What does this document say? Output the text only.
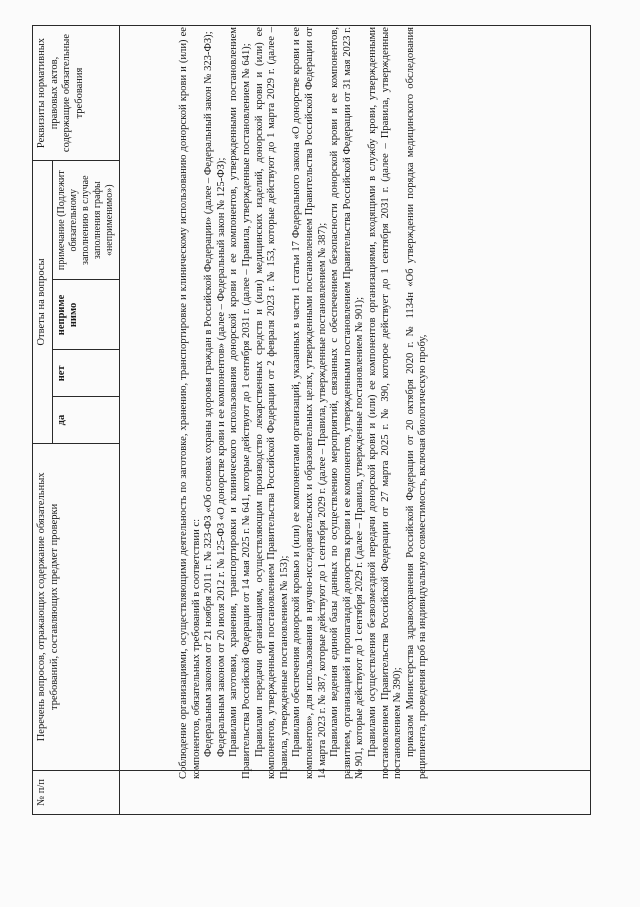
№ п/п	Перечень вопросов, отражающих содержание обязательных требований, составляющих предмет проверки	Ответы на вопросы				Реквизиты нормативных правовых актов, содержащие обязательные требования

		да	нет	неприме нимо	примечание (Подлежит обязательному заполнению в случае заполнения графы «неприменимо»)	

		Соблюдение организациями, осуществляющими деятельность по заготовке, хранению, транспортировке и клиническому использованию донорской крови и (или) ее компонентов, обязательных требований в соответствии с: Федеральным законом от 21 ноября 2011 г. № 323-ФЗ «Об основах охраны здоровья граждан в Российской Федерации» (далее – Федеральный закон № 323-ФЗ); Федеральным законом от 20 июля 2012 г. № 125-ФЗ «О донорстве крови и ее компонентов» (далее – Федеральный закон № 125-ФЗ); Правилами заготовки, хранения, транспортировки и клинического использования донорской крови и ее компонентов, утвержденными постановлением Правительства Российской Федерации от 14 мая 2025 г. № 641, которые действуют до 1 сентября 2031 г. (далее – Правила, утвержденные постановлением № 641); Правилами передачи организациям, осуществляющим производство лекарственных средств и (или) медицинских изделий, донорской крови и (или) ее компонентов, утвержденными постановлением Правительства Российской Федерации от 2 февраля 2023 г. № 153, которые действуют до 1 марта 2029 г. (далее – Правила, утвержденные постановлением № 153); Правилами обеспечения донорской кровью и (или) ее компонентами организаций, указанных в части 1 статьи 17 Федерального закона «О донорстве крови и ее компонентов», для использования в научно-исследовательских и образовательных целях, утвержденными постановлением Правительства Российской Федерации от 14 марта 2023 г. № 387, которые действуют до 1 сентября 2029 г. (далее – Правила, утвержденные постановлением № 387); Правилами ведения единой базы данных по осуществлению мероприятий, связанных с обеспечением безопасности донорской крови и ее компонентов, развитием, организацией и пропагандой донорства крови и ее компонентов, утвержденными постановлением Правительства Российской Федерации от 31 мая 2023 г. № 901, которые действуют до 1 сентября 2029 г. (далее – Правила, утвержденные постановлением № 901); Правилами осуществления безвозмездной передачи донорской крови и (или) ее компонентов организациями, входящими в службу крови, утвержденными постановлением Правительства Российской Федерации от 27 марта 2025 г. № 390, которое действует до 1 сентября 2031 г. (далее – Правила, утвержденные постановлением № 390); приказом Министерства здравоохранения Российской Федерации от 20 октября 2020 г. № 1134н «Об утверждении порядка медицинского обследования реципиента, проведения проб на индивидуальную совместимость, включая биологическую пробу,
